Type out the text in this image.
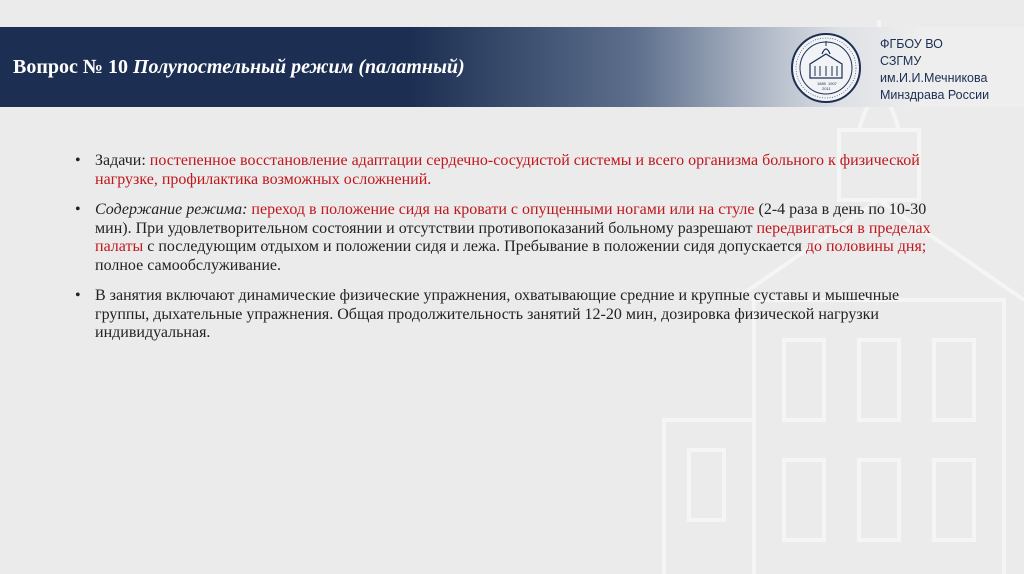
Вопрос № 10 Полупостельный режим (палатный)
1885 1907
2011
ФГБОУ ВО
СЗГМУ
им.И.И.Мечникова
Минздрава России
• Задачи: постепенное восстановление адаптации сердечно-сосудистой системы и всего организма больного к физической нагрузке, профилактика возможных осложнений.
• Содержание режима: переход в положение сидя на кровати с опущенными ногами или на стуле (2-4 раза в день по 10-30 мин). При удовлетворительном состоянии и отсутствии противопоказаний больному разрешают передвигаться в пределах палаты с последующим отдыхом и положении сидя и лежа. Пребывание в положении сидя допускается до половины дня; полное самообслуживание.
• В занятия включают динамические физические упражнения, охватывающие средние и крупные суставы и мышечные группы, дыхательные упражнения. Общая продолжительность занятий 12-20 мин, дозировка физической нагрузки индивидуальная.
